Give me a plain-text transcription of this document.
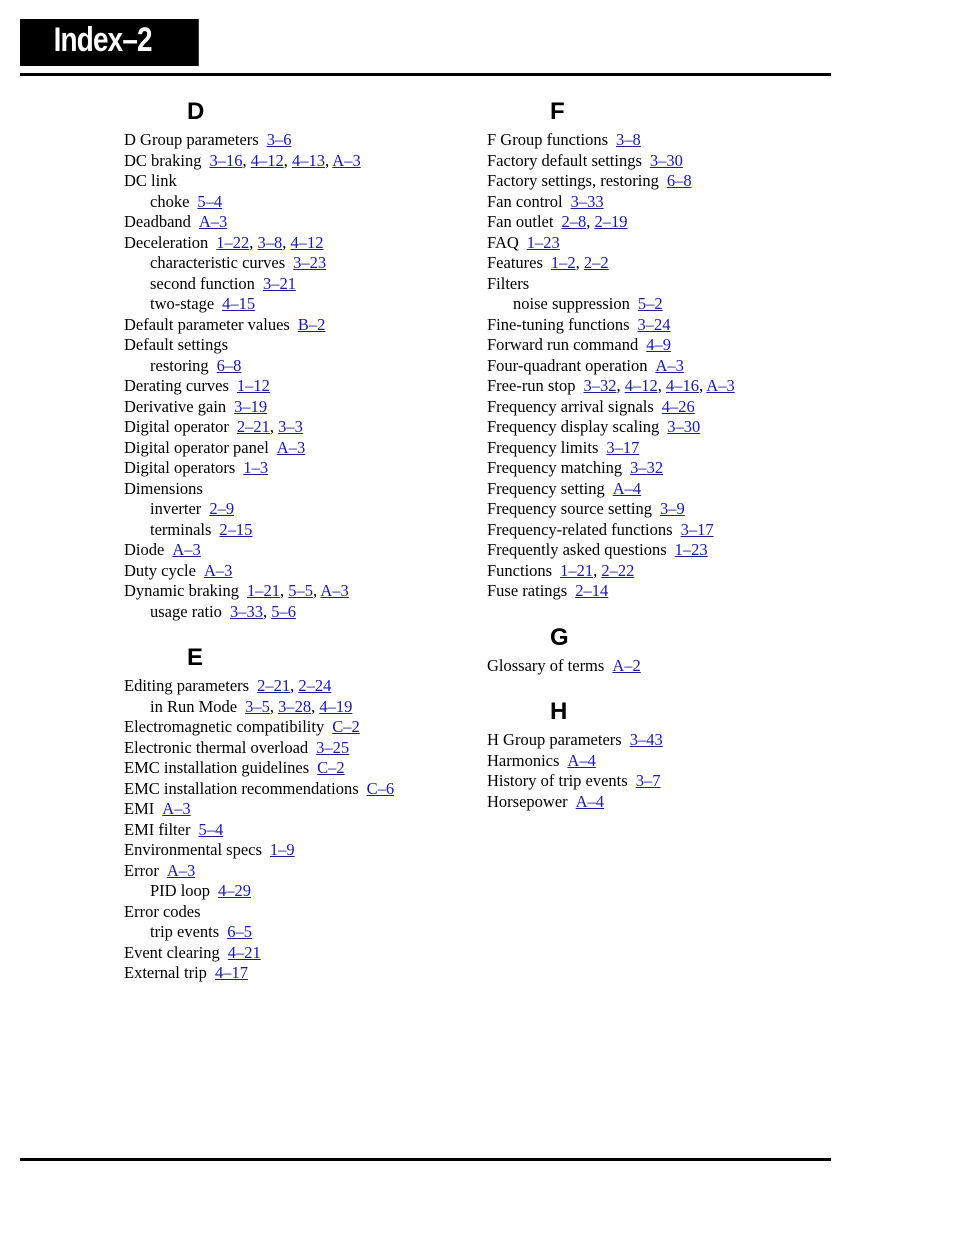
Index–2
D
D Group parameters 3–6
DC braking 3–16, 4–12, 4–13, A–3
DC link
choke 5–4
Deadband A–3
Deceleration 1–22, 3–8, 4–12
characteristic curves 3–23
second function 3–21
two-stage 4–15
Default parameter values B–2
Default settings
restoring 6–8
Derating curves 1–12
Derivative gain 3–19
Digital operator 2–21, 3–3
Digital operator panel A–3
Digital operators 1–3
Dimensions
inverter 2–9
terminals 2–15
Diode A–3
Duty cycle A–3
Dynamic braking 1–21, 5–5, A–3
usage ratio 3–33, 5–6
E
Editing parameters 2–21, 2–24
in Run Mode 3–5, 3–28, 4–19
Electromagnetic compatibility C–2
Electronic thermal overload 3–25
EMC installation guidelines C–2
EMC installation recommendations C–6
EMI A–3
EMI filter 5–4
Environmental specs 1–9
Error A–3
PID loop 4–29
Error codes
trip events 6–5
Event clearing 4–21
External trip 4–17
F
F Group functions 3–8
Factory default settings 3–30
Factory settings, restoring 6–8
Fan control 3–33
Fan outlet 2–8, 2–19
FAQ 1–23
Features 1–2, 2–2
Filters
noise suppression 5–2
Fine-tuning functions 3–24
Forward run command 4–9
Four-quadrant operation A–3
Free-run stop 3–32, 4–12, 4–16, A–3
Frequency arrival signals 4–26
Frequency display scaling 3–30
Frequency limits 3–17
Frequency matching 3–32
Frequency setting A–4
Frequency source setting 3–9
Frequency-related functions 3–17
Frequently asked questions 1–23
Functions 1–21, 2–22
Fuse ratings 2–14
G
Glossary of terms A–2
H
H Group parameters 3–43
Harmonics A–4
History of trip events 3–7
Horsepower A–4
